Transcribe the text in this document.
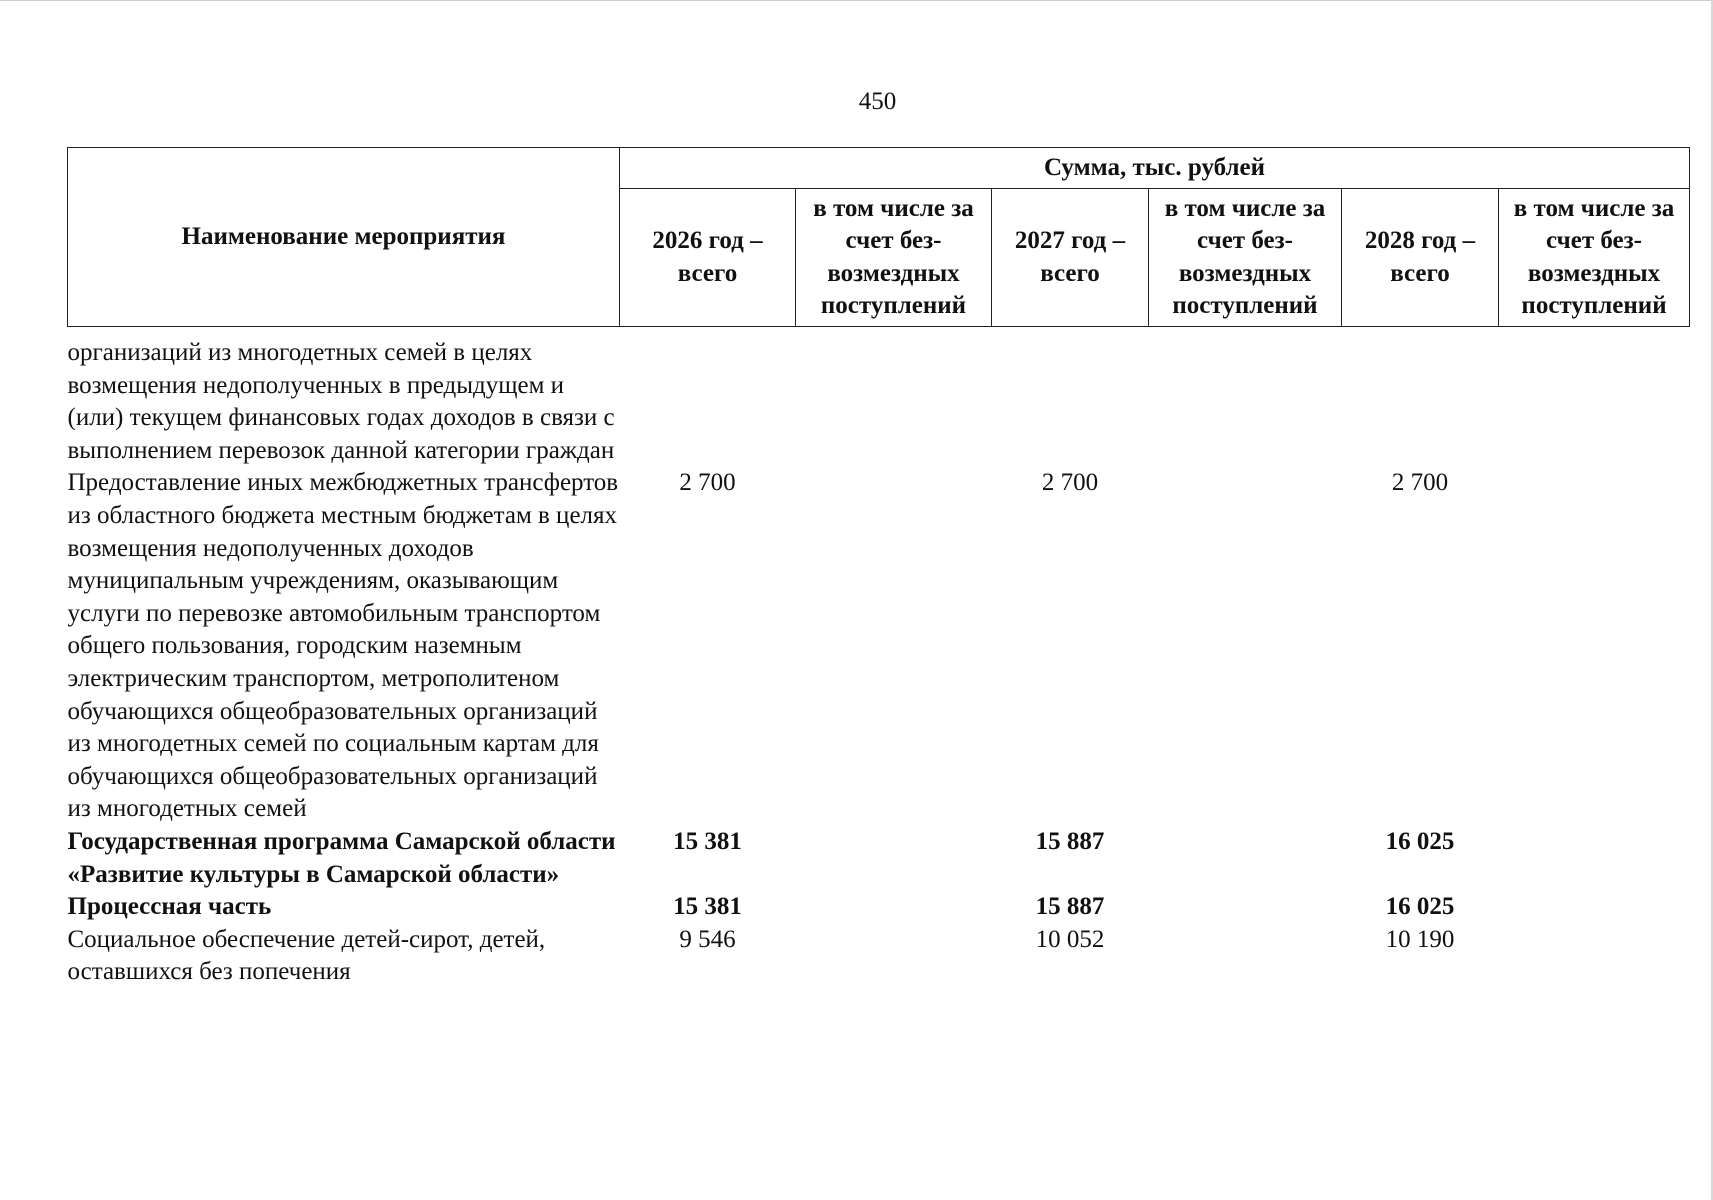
450
Наименование мероприятия	Сумма, тыс. рублей					
	2026 год – всего	в том числе за счет без-возмездных поступлений	2027 год – всего	в том числе за счет без-возмездных поступлений	2028 год – всего	в том числе за счет без-возмездных поступлений
организаций из многодетных семей в целях возмещения недополученных в предыдущем и (или) текущем финансовых годах доходов в связи с выполнением перевозок данной категории граждан						
Предоставление иных межбюджетных трансфертов из областного бюджета местным бюджетам в целях возмещения недополученных доходов муниципальным учреждениям, оказывающим услуги по перевозке автомобильным транспортом общего пользования, городским наземным электрическим транспортом, метрополитеном обучающихся общеобразовательных организаций из многодетных семей по социальным картам для обучающихся общеобразовательных организаций из многодетных семей	2 700		2 700		2 700	
Государственная программа Самарской области «Развитие культуры в Самарской области»	15 381		15 887		16 025	
Процессная часть	15 381		15 887		16 025	
Социальное обеспечение детей-сирот, детей, оставшихся без попечения	9 546		10 052		10 190	
